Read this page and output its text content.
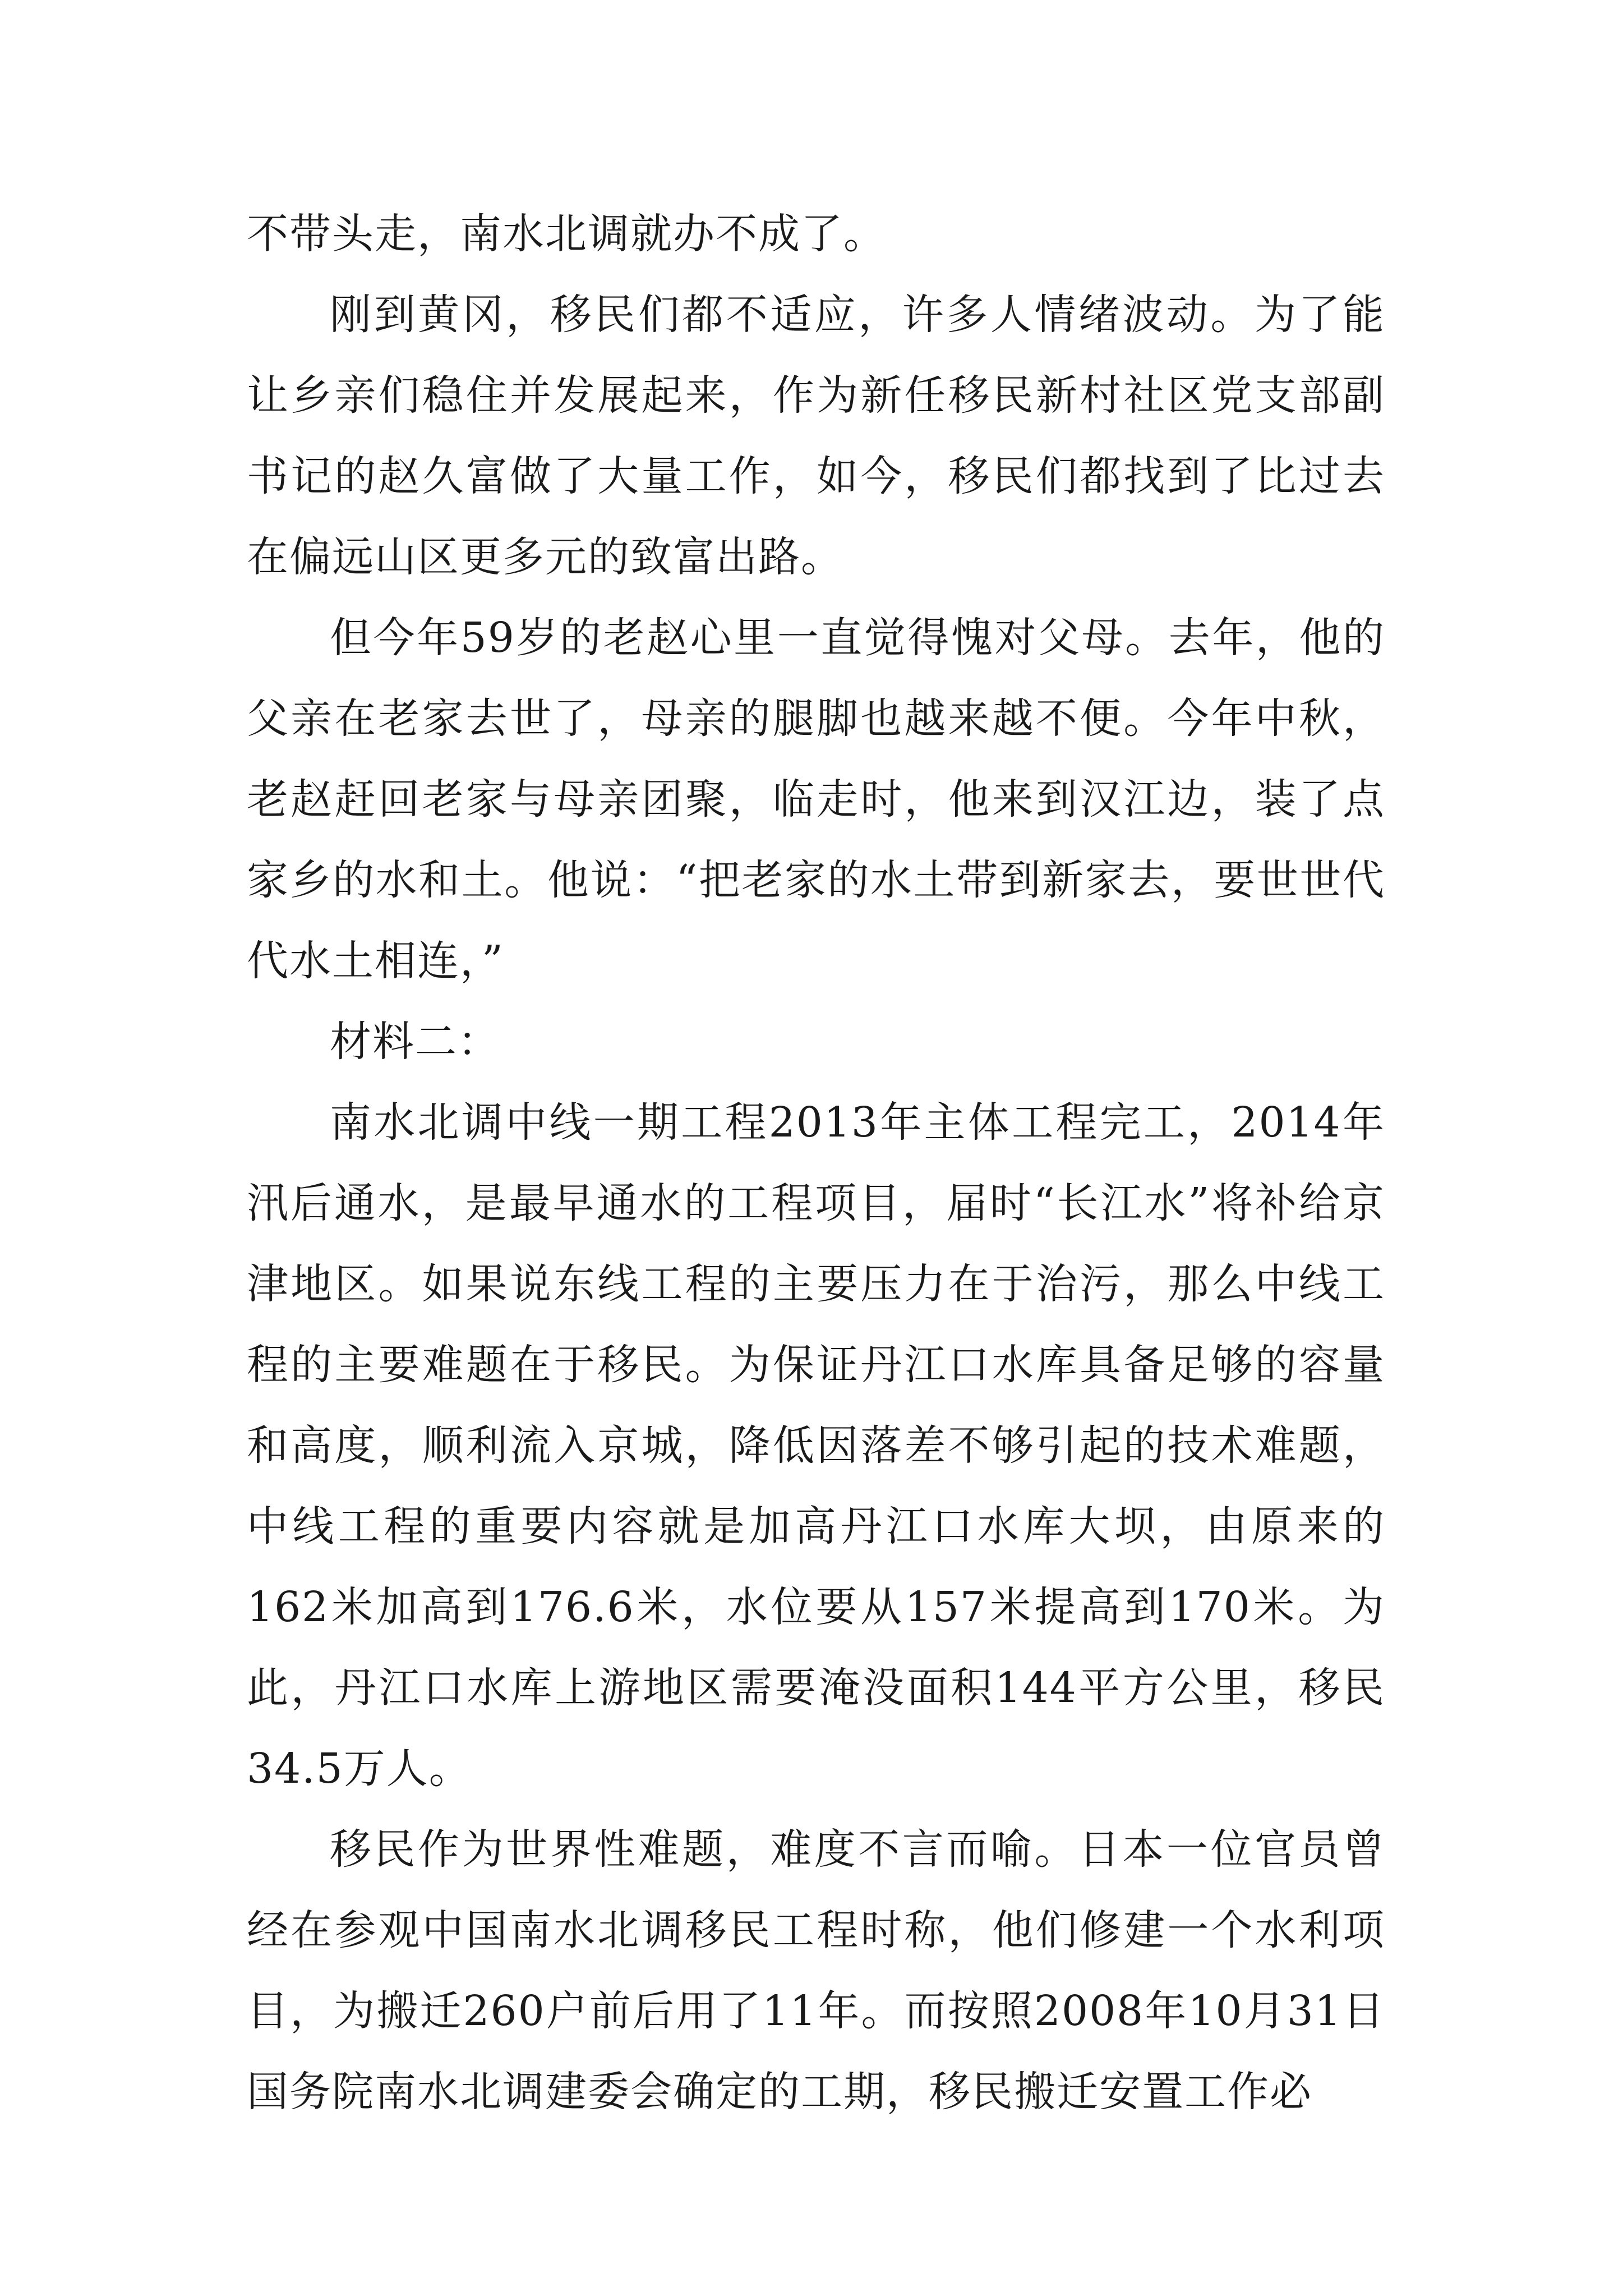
不带头走，南水北调就办不成了。

刚到黄冈，移民们都不适应，许多人情绪波动。为了能让乡亲们稳住并发展起来，作为新任移民新村社区党支部副书记的赵久富做了大量工作，如今，移民们都找到了比过去在偏远山区更多元的致富出路。

但今年59岁的老赵心里一直觉得愧对父母。去年，他的父亲在老家去世了，母亲的腿脚也越来越不便。今年中秋，老赵赶回老家与母亲团聚，临走时，他来到汉江边，装了点家乡的水和土。他说：“把老家的水土带到新家去，要世世代代水土相连，”

材料二：

南水北调中线一期工程2013年主体工程完工，2014年汛后通水，是最早通水的工程项目，届时“长江水”将补给京津地区。如果说东线工程的主要压力在于治污，那么中线工程的主要难题在于移民。为保证丹江口水库具备足够的容量和高度，顺利流入京城，降低因落差不够引起的技术难题，中线工程的重要内容就是加高丹江口水库大坝，由原来的162米加高到176.6米，水位要从157米提高到170米。为此，丹江口水库上游地区需要淹没面积144平方公里，移民34.5万人。

移民作为世界性难题，难度不言而喻。日本一位官员曾经在参观中国南水北调移民工程时称，他们修建一个水利项目，为搬迁260户前后用了11年。而按照2008年10月31日国务院南水北调建委会确定的工期，移民搬迁安置工作必
